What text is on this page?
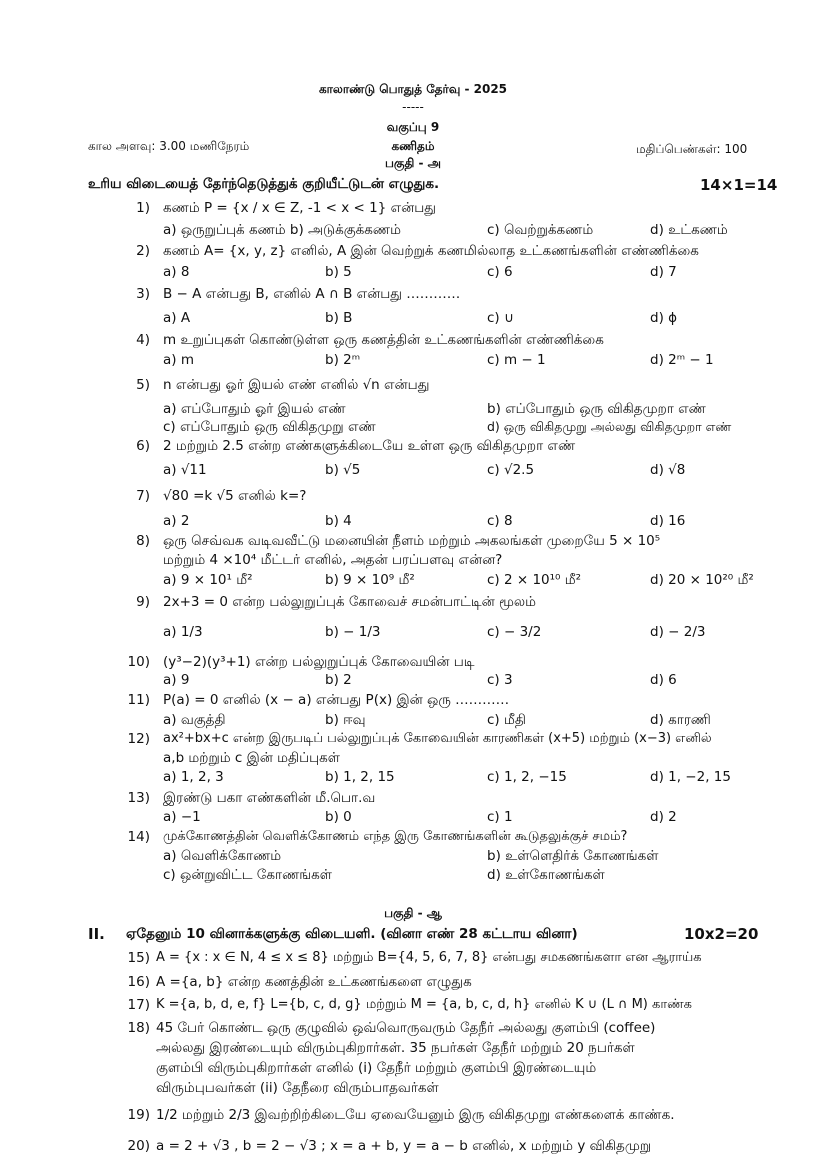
காலாண்டு பொதுத் தேர்வு - 2025
-----
வகுப்பு 9
கால அளவு: 3.00 மணிநேரம்	கணிதம்	மதிப்பெண்கள்: 100
பகுதி - அ
உரிய விடையைத் தேர்ந்தெடுத்துக் குறியீட்டுடன் எழுதுக.	14×1=14
1) கணம் P = {x / x ∈ Z, -1 < x < 1} என்பது
a) ஒருறுப்புக் கணம் b) அடுக்குக்கணம்	c) வெற்றுக்கணம்	d) உட்கணம்
2) கணம் A= {x, y, z} எனில், A இன் வெற்றுக் கணமில்லாத உட்கணங்களின் எண்ணிக்கை
a) 8	b) 5	c) 6	d) 7
3) B − A என்பது B, எனில் A ∩ B என்பது …………
a) A	b) B	c) ∪	d) ϕ
4) m உறுப்புகள் கொண்டுள்ள ஒரு கணத்தின் உட்கணங்களின் எண்ணிக்கை
a) m	b) 2ᵐ	c) m − 1	d) 2ᵐ − 1
5) n என்பது ஓர் இயல் எண் எனில் √n என்பது
a) எப்போதும் ஓர் இயல் எண்	b) எப்போதும் ஒரு விகிதமுறா எண்
c) எப்போதும் ஒரு விகிதமுறு எண்	d) ஒரு விகிதமுறு அல்லது விகிதமுறா எண்
6) 2 மற்றும் 2.5 என்ற எண்களுக்கிடையே உள்ள ஒரு விகிதமுறா எண்
a) √11	b) √5	c) √2.5	d) √8
7) √80 =k √5 எனில் k=?
a) 2	b) 4	c) 8	d) 16
8) ஒரு செவ்வக வடிவவீட்டு மனையின் நீளம் மற்றும் அகலங்கள் முறையே 5 × 10⁵
மற்றும் 4 ×10⁴ மீட்டர் எனில், அதன் பரப்பளவு என்ன?
a) 9 × 10¹ மீ²	b) 9 × 10⁹ மீ²	c) 2 × 10¹⁰ மீ²	d) 20 × 10²⁰ மீ²
9) 2x+3 = 0 என்ற பல்லுறுப்புக் கோவைச் சமன்பாட்டின் மூலம்
a) 1/3	b) − 1/3	c) − 3/2	d) − 2/3
10) (y³−2)(y³+1) என்ற பல்லுறுப்புக் கோவையின் படி
a) 9	b) 2	c) 3	d) 6
11) P(a) = 0 எனில் (x − a) என்பது P(x) இன் ஒரு …………
a) வகுத்தி	b) ஈவு	c) மீதி	d) காரணி
12) ax²+bx+c என்ற இருபடிப் பல்லுறுப்புக் கோவையின் காரணிகள் (x+5) மற்றும் (x−3) எனில்
a,b மற்றும் c இன் மதிப்புகள்
a) 1, 2, 3	b) 1, 2, 15	c) 1, 2, −15	d) 1, −2, 15
13) இரண்டு பகா எண்களின் மீ.பொ.வ
a) −1	b) 0	c) 1	d) 2
14) முக்கோணத்தின் வெளிக்கோணம் எந்த இரு கோணங்களின் கூடுதலுக்குச் சமம்?
a) வெளிக்கோணம்	b) உள்ளெதிர்க் கோணங்கள்
c) ஒன்றுவிட்ட கோணங்கள்	d) உள்கோணங்கள்
பகுதி - ஆ
II. ஏதேனும் 10 வினாக்களுக்கு விடையளி. (வினா எண் 28 கட்டாய வினா)	10x2=20
15) A = {x : x ∈ N, 4 ≤ x ≤ 8} மற்றும் B={4, 5, 6, 7, 8} என்பது சமகணங்களா என ஆராய்க
16) A ={a, b} என்ற கணத்தின் உட்கணங்களை எழுதுக
17) K ={a, b, d, e, f} L={b, c, d, g} மற்றும் M = {a, b, c, d, h} எனில் K ∪ (L ∩ M) காண்க
18) 45 பேர் கொண்ட ஒரு குழுவில் ஒவ்வொருவரும் தேநீர் அல்லது குளம்பி (coffee)
அல்லது இரண்டையும் விரும்புகிறார்கள். 35 நபர்கள் தேநீர் மற்றும் 20 நபர்கள்
குளம்பி விரும்புகிறார்கள் எனில் (i) தேநீர் மற்றும் குளம்பி இரண்டையும்
விரும்புபவர்கள் (ii) தேநீரை விரும்பாதவர்கள்
19) 1/2 மற்றும் 2/3 இவற்றிற்கிடையே ஏவையேனும் இரு விகிதமுறு எண்களைக் காண்க.
20) a = 2 + √3 , b = 2 − √3 ; x = a + b, y = a − b எனில், x மற்றும் y விகிதமுறு
